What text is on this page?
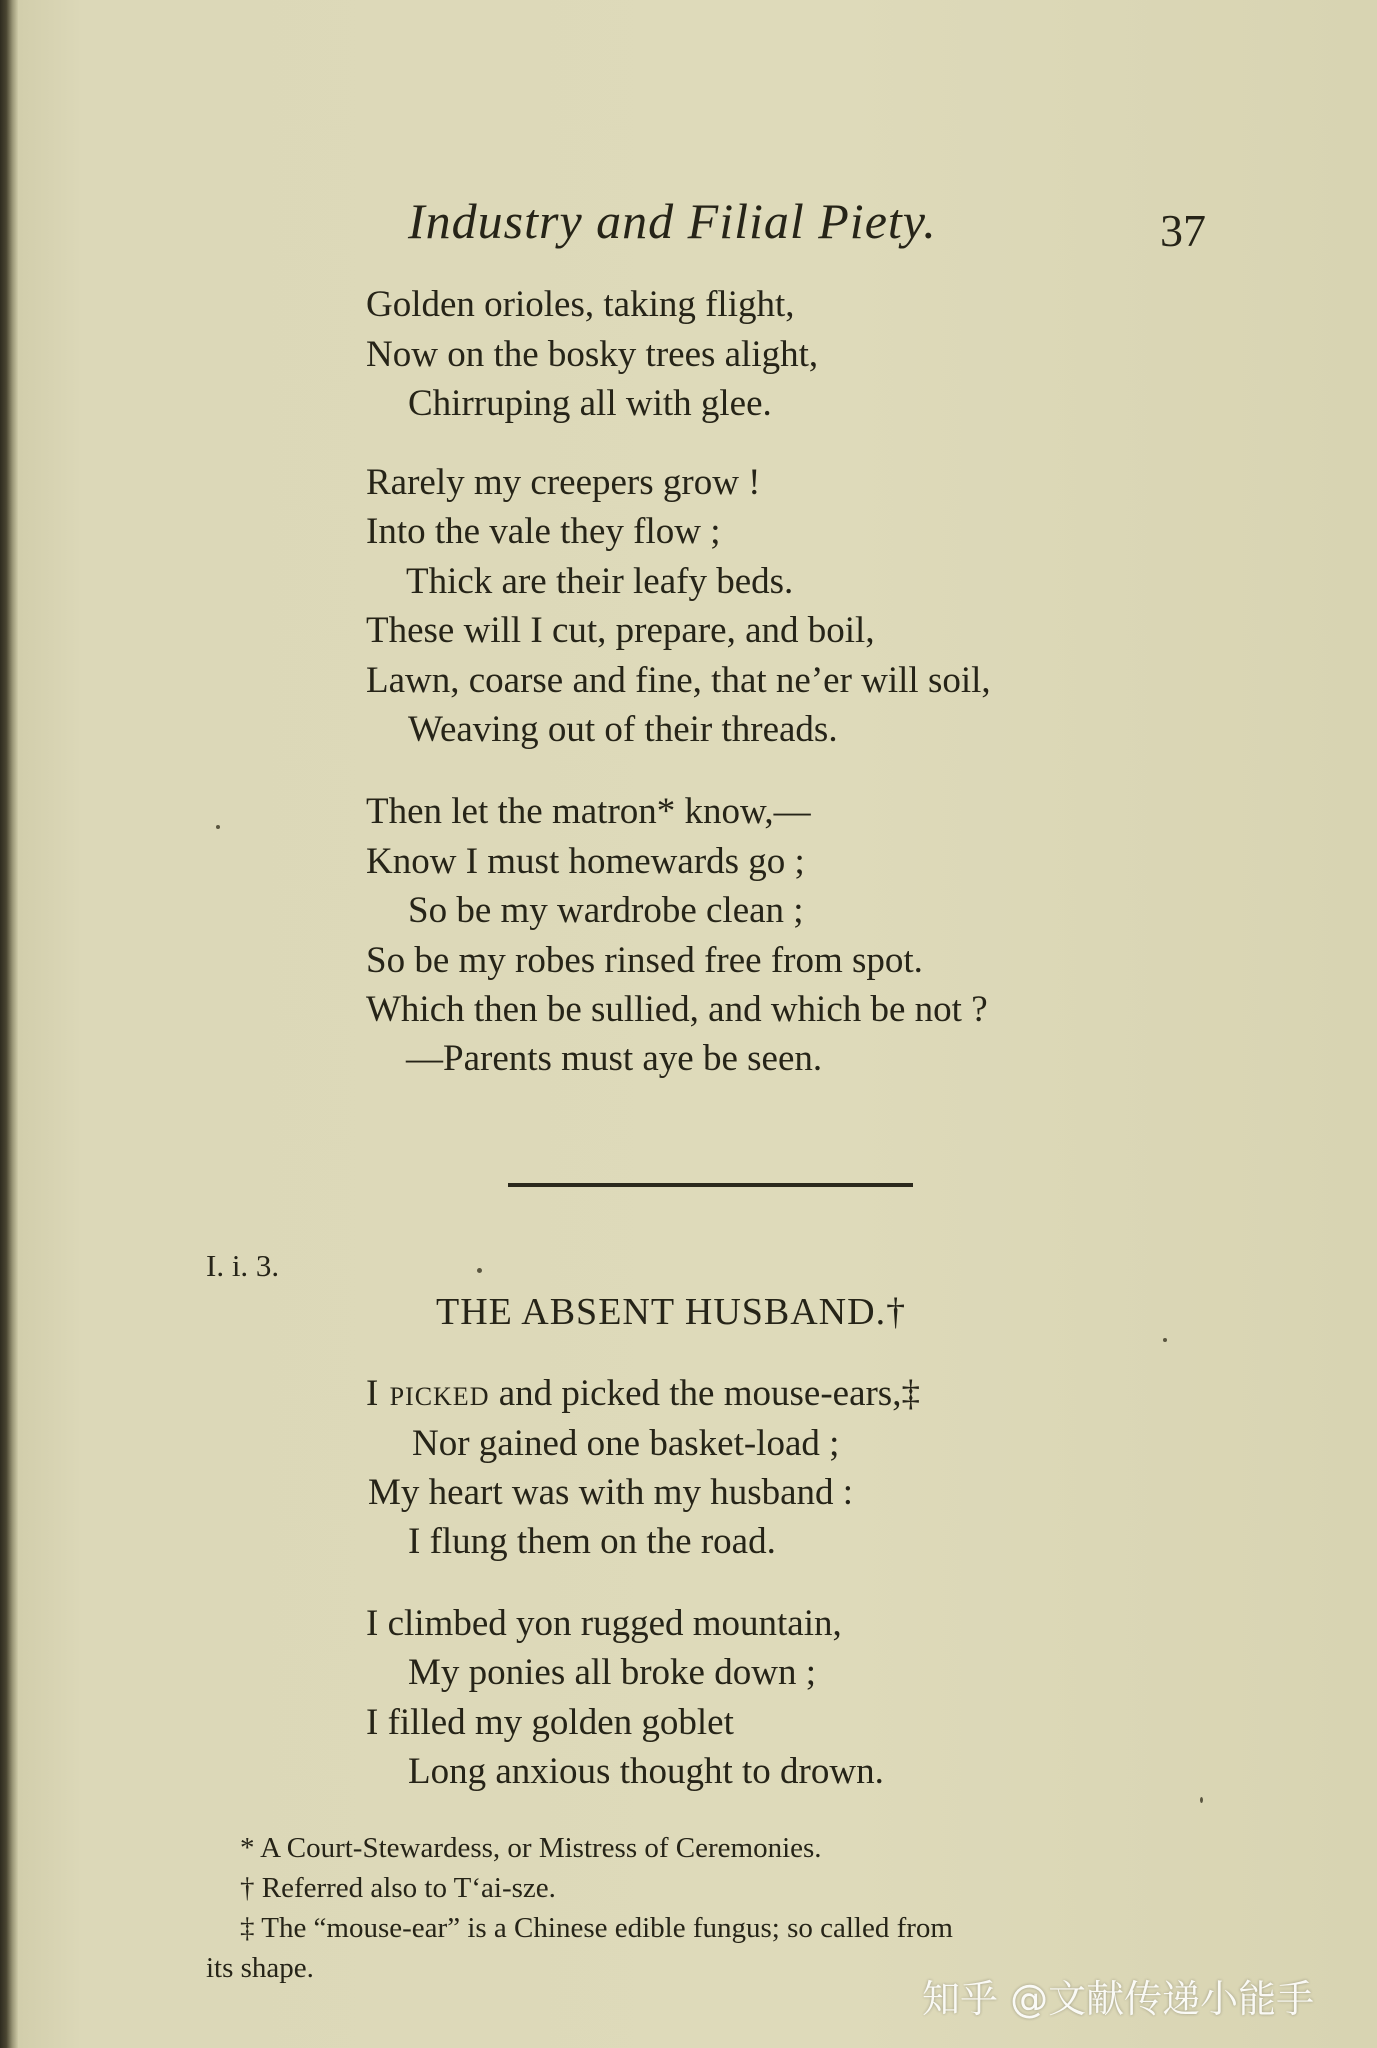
Industry and Filial Piety.	37
Golden orioles, taking flight,
Now on the bosky trees alight,
Chirruping all with glee.
Rarely my creepers grow !
Into the vale they flow ;
Thick are their leafy beds.
These will I cut, prepare, and boil,
Lawn, coarse and fine, that ne’er will soil,
Weaving out of their threads.
Then let the matron* know,—
Know I must homewards go ;
So be my wardrobe clean ;
So be my robes rinsed free from spot.
Which then be sullied, and which be not ?
—Parents must aye be seen.
I. i. 3.
THE ABSENT HUSBAND.†
I picked and picked the mouse-ears,‡
Nor gained one basket-load ;
My heart was with my husband :
I flung them on the road.
I climbed yon rugged mountain,
My ponies all broke down ;
I filled my golden goblet
Long anxious thought to drown.
* A Court-Stewardess, or Mistress of Ceremonies.
† Referred also to T‘ai-sze.
‡ The “mouse-ear” is a Chinese edible fungus; so called from
its shape.
知乎 @文献传递小能手
